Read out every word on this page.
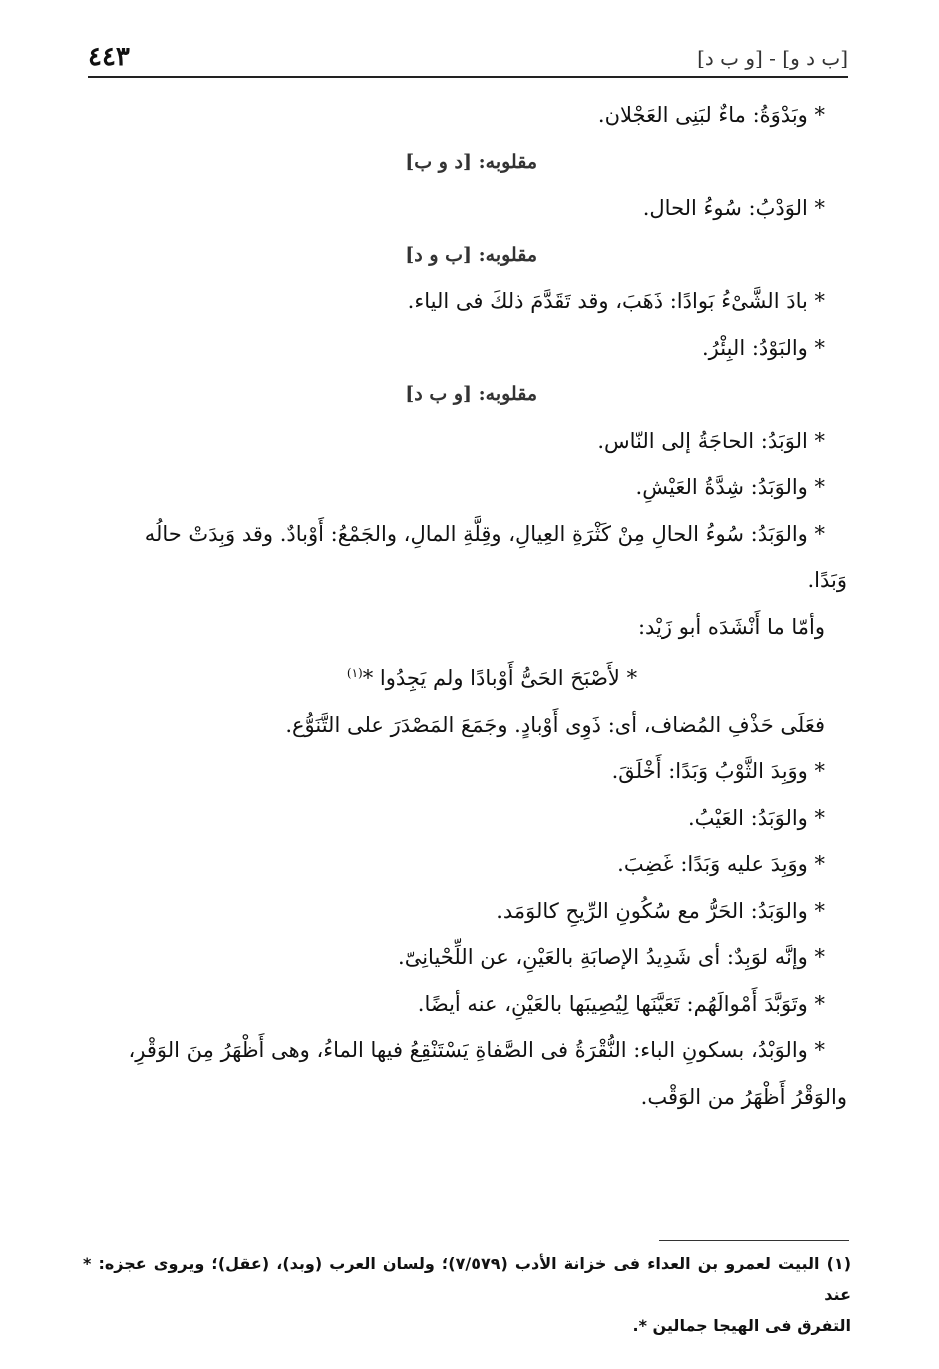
٤٤٣	[ب د و] - [و ب د]

* وبَدْوَةُ: ماءٌ لبَنِى العَجْلان.

مقلوبه: [د و ب]

* الوَدْبُ: سُوءُ الحال.

مقلوبه: [ب و د]

* بادَ الشَّىْءُ بَوادًا: ذَهَبَ، وقد تَقَدَّمَ ذلكَ فى الياء.

* والبَوْدُ: البِئْرُ.

مقلوبه: [و ب د]

* الوَبَدُ: الحاجَةُ إلى النّاس.

* والوَبَدُ: شِدَّةُ العَيْشِ.

* والوَبَدُ: سُوءُ الحالِ مِنْ كَثْرَةِ العِيالِ، وقِلَّةِ المالِ، والجَمْعُ: أَوْبادٌ. وقد وَبِدَتْ حالُه

وَبَدًا.

وأمّا ما أَنْشَدَه أبو زَيْد:

* لأَصْبَحَ الحَىُّ أَوْبادًا ولم يَجِدُوا *$^{(١)}$

فعَلَى حَذْفِ المُضاف، أى: ذَوِى أَوْبادٍ. وجَمَعَ المَصْدَرَ على التَّنَوُّع.

* ووَبِدَ الثَّوْبُ وَبَدًا: أَخْلَقَ.

* والوَبَدُ: العَيْبُ.

* ووَبِدَ عليه وَبَدًا: غَضِبَ.

* والوَبَدُ: الحَرُّ مع سُكُونِ الرِّيحِ كالوَمَد.

* وإنَّه لوَبِدٌ: أى شَدِيدُ الإصابَةِ بالعَيْنِ، عن اللِّحْيانِىّ.

* وتَوَبَّدَ أَمْوالَهُم: تَعَيَّنَها لِيُصِيبَها بالعَيْنِ، عنه أيضًا.

* والوَبْدُ، بسكونِ الباء: النُّقْرَةُ فى الصَّفاةِ يَسْتَنْقِعُ فيها الماءُ، وهى أَظْهَرُ مِنَ الوَقْرِ،

والوَقْرُ أَظْهَرُ من الوَقْب.

(١) البيت لعمرو بن العداء فى خزانة الأدب (٧/٥٧٩)؛ ولسان العرب (وبد)، (عقل)؛ ويروى عجزه: * عند
التفرق فى الهيجا جمالين *.
